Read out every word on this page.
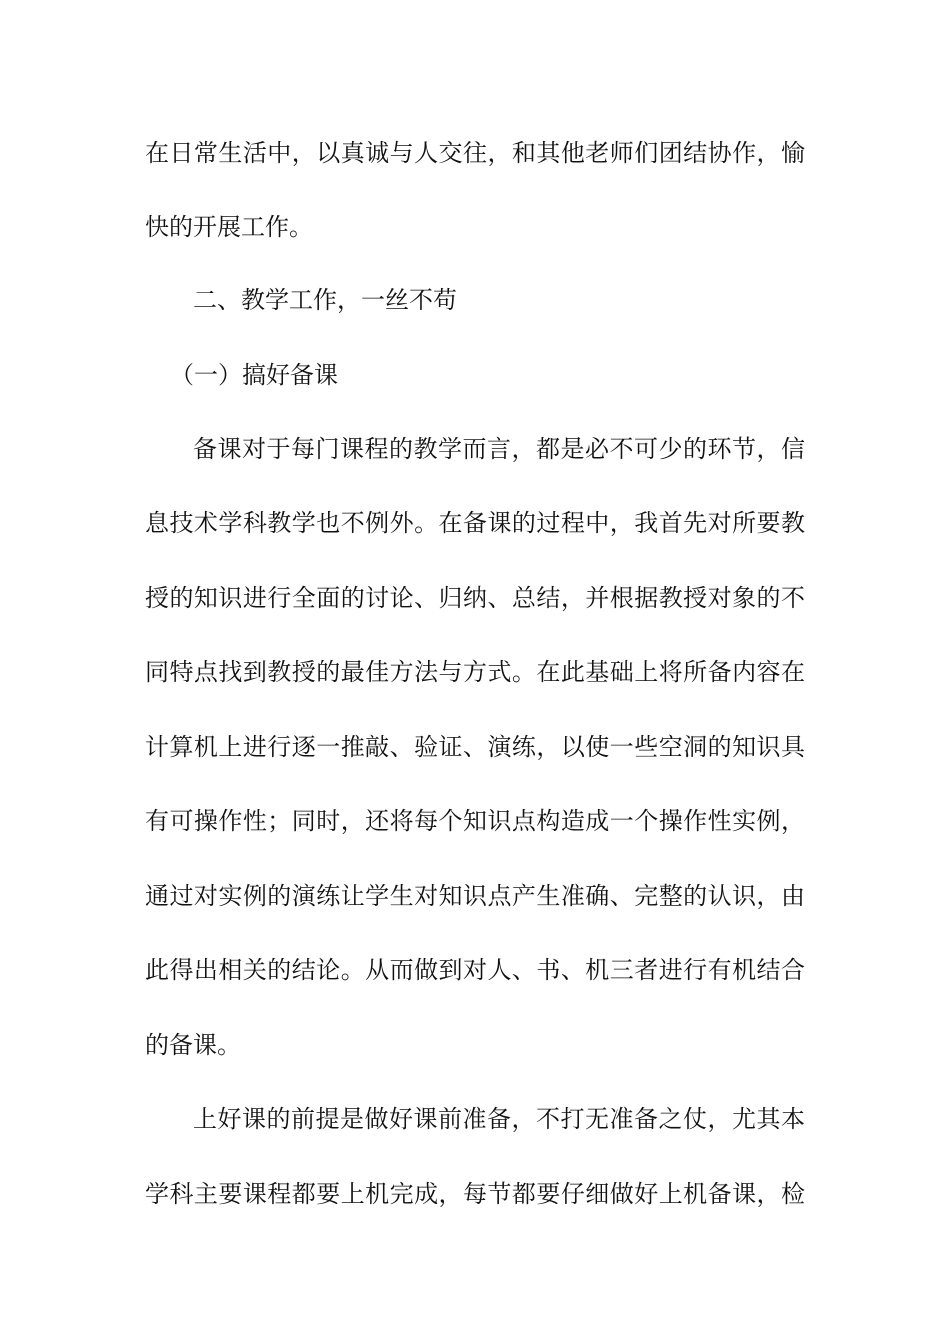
在日常生活中，以真诚与人交往，和其他老师们团结协作，愉
快的开展工作。
二、教学工作，一丝不苟
（一）搞好备课
备课对于每门课程的教学而言，都是必不可少的环节，信
息技术学科教学也不例外。在备课的过程中，我首先对所要教
授的知识进行全面的讨论、归纳、总结，并根据教授对象的不
同特点找到教授的最佳方法与方式。在此基础上将所备内容在
计算机上进行逐一推敲、验证、演练，以使一些空洞的知识具
有可操作性；同时，还将每个知识点构造成一个操作性实例，
通过对实例的演练让学生对知识点产生准确、完整的认识，由
此得出相关的结论。从而做到对人、书、机三者进行有机结合
的备课。
上好课的前提是做好课前准备，不打无准备之仗，尤其本
学科主要课程都要上机完成，每节都要仔细做好上机备课，检
